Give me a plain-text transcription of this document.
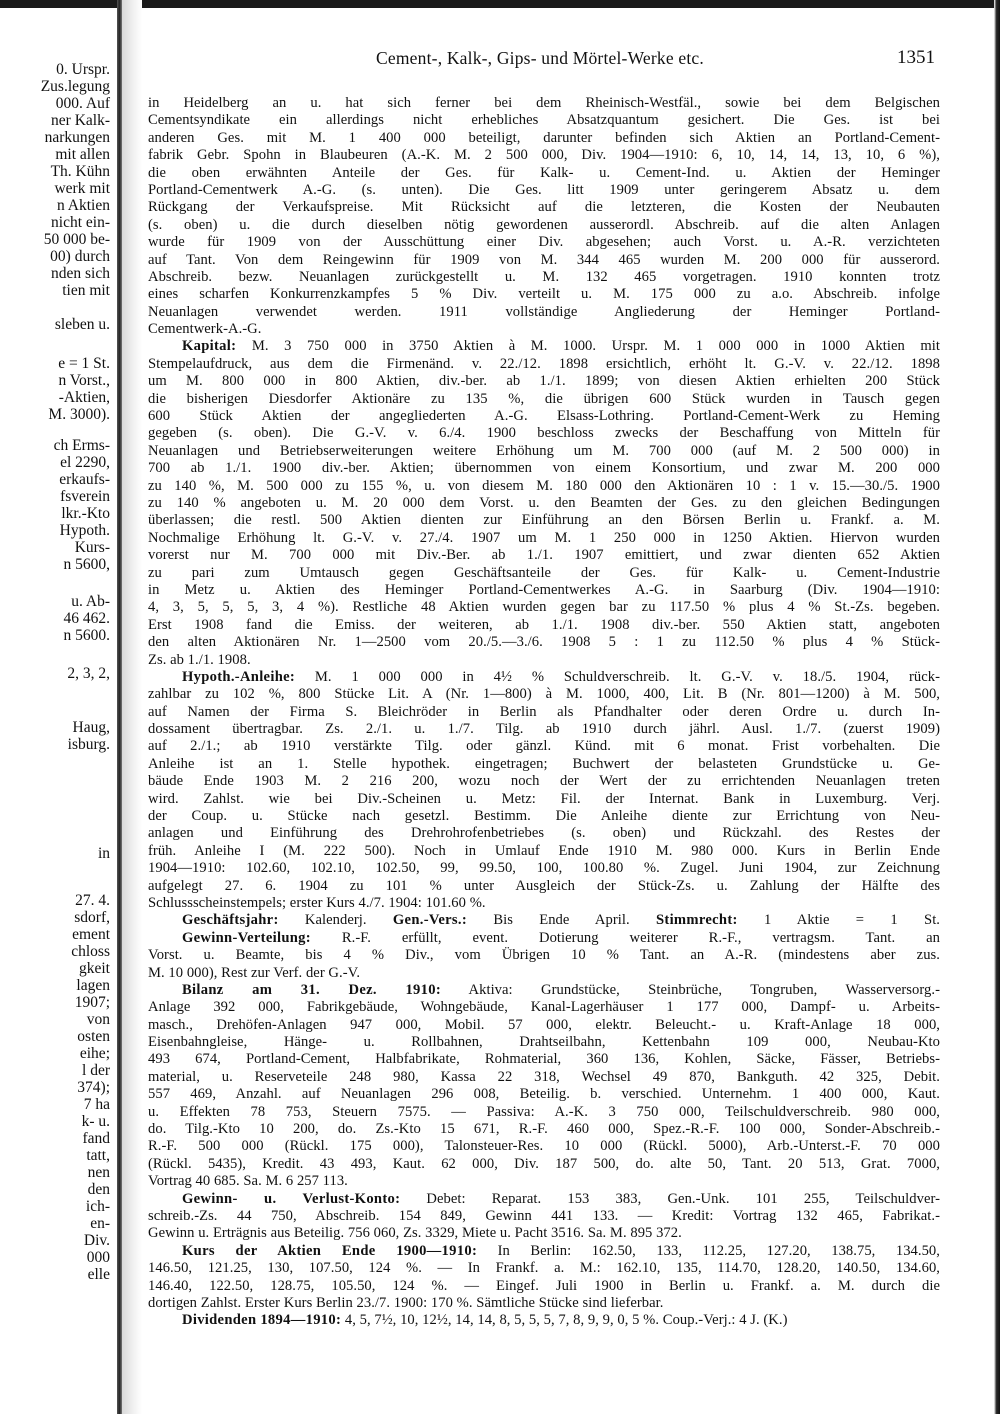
0. Urspr.
Zus.legung
000. Auf
ner Kalk-
narkungen
mit allen
Th. Kühn
werk mit
n Aktien
nicht ein-
50 000 be-
00) durch
nden sich
tien mit
sleben u.
e = 1 St.
n Vorst.,
-Aktien,
M. 3000).
ch Erms-
el 2290,
erkaufs-
fsverein
lkr.-Kto
Hypoth.
Kurs-
n 5600,
u. Ab-
46 462.
n 5600.
2, 3, 2,
Haug,
isburg.
in
27. 4.
sdorf,
ement
chloss
gkeit
lagen
1907;
von
osten
eihe;
l der
374);
7 ha
k- u.
fand
tatt,
nen
den
ich-
en-
Div.
000
elle
Cement-, Kalk-, Gips- und Mörtel-Werke etc.	1351
in Heidelberg an u. hat sich ferner bei dem Rheinisch-Westfäl., sowie bei dem Belgischen
Cementsyndikate ein allerdings nicht erhebliches Absatzquantum gesichert. Die Ges. ist bei
anderen Ges. mit M. 1 400 000 beteiligt, darunter befinden sich Aktien an Portland-Cement-
fabrik Gebr. Spohn in Blaubeuren (A.-K. M. 2 500 000, Div. 1904—1910: 6, 10, 14, 14, 13, 10, 6 %),
die oben erwähnten Anteile der Ges. für Kalk- u. Cement-Ind. u. Aktien der Heminger
Portland-Cementwerk A.-G. (s. unten). Die Ges. litt 1909 unter geringerem Absatz u. dem
Rückgang der Verkaufspreise. Mit Rücksicht auf die letzteren, die Kosten der Neubauten
(s. oben) u. die durch dieselben nötig gewordenen ausserordl. Abschreib. auf die alten Anlagen
wurde für 1909 von der Ausschüttung einer Div. abgesehen; auch Vorst. u. A.-R. verzichteten
auf Tant. Von dem Reingewinn für 1909 von M. 344 465 wurden M. 200 000 für ausserord.
Abschreib. bezw. Neuanlagen zurückgestellt u. M. 132 465 vorgetragen. 1910 konnten trotz
eines scharfen Konkurrenzkampfes 5 % Div. verteilt u. M. 175 000 zu a.o. Abschreib. infolge
Neuanlagen verwendet werden. 1911 vollständige Angliederung der Heminger Portland-
Cementwerk-A.-G.
Kapital: M. 3 750 000 in 3750 Aktien à M. 1000. Urspr. M. 1 000 000 in 1000 Aktien mit
Stempelaufdruck, aus dem die Firmenänd. v. 22./12. 1898 ersichtlich, erhöht lt. G.-V. v. 22./12. 1898
um M. 800 000 in 800 Aktien, div.-ber. ab 1./1. 1899; von diesen Aktien erhielten 200 Stück
die bisherigen Diesdorfer Aktionäre zu 135 %, die übrigen 600 Stück wurden in Tausch gegen
600 Stück Aktien der angegliederten A.-G. Elsass-Lothring. Portland-Cement-Werk zu Heming
gegeben (s. oben). Die G.-V. v. 6./4. 1900 beschloss zwecks der Beschaffung von Mitteln für
Neuanlagen und Betriebserweiterungen weitere Erhöhung um M. 700 000 (auf M. 2 500 000) in
700 ab 1./1. 1900 div.-ber. Aktien; übernommen von einem Konsortium, und zwar M. 200 000
zu 140 %, M. 500 000 zu 155 %, u. von diesem M. 180 000 den Aktionären 10 : 1 v. 15.—30./5. 1900
zu 140 % angeboten u. M. 20 000 dem Vorst. u. den Beamten der Ges. zu den gleichen Bedingungen
überlassen; die restl. 500 Aktien dienten zur Einführung an den Börsen Berlin u. Frankf. a. M.
Nochmalige Erhöhung lt. G.-V. v. 27./4. 1907 um M. 1 250 000 in 1250 Aktien. Hiervon wurden
vorerst nur M. 700 000 mit Div.-Ber. ab 1./1. 1907 emittiert, und zwar dienten 652 Aktien
zu pari zum Umtausch gegen Geschäftsanteile der Ges. für Kalk- u. Cement-Industrie
in Metz u. Aktien des Heminger Portland-Cementwerkes A.-G. in Saarburg (Div. 1904—1910:
4, 3, 5, 5, 5, 3, 4 %). Restliche 48 Aktien wurden gegen bar zu 117.50 % plus 4 % St.-Zs. begeben.
Erst 1908 fand die Emiss. der weiteren, ab 1./1. 1908 div.-ber. 550 Aktien statt, angeboten
den alten Aktionären Nr. 1—2500 vom 20./5.—3./6. 1908 5 : 1 zu 112.50 % plus 4 % Stück-
Zs. ab 1./1. 1908.
Hypoth.-Anleihe: M. 1 000 000 in 4½ % Schuldverschreib. lt. G.-V. v. 18./5. 1904, rück-
zahlbar zu 102 %, 800 Stücke Lit. A (Nr. 1—800) à M. 1000, 400, Lit. B (Nr. 801—1200) à M. 500,
auf Namen der Firma S. Bleichröder in Berlin als Pfandhalter oder deren Ordre u. durch In-
dossament übertragbar. Zs. 2./1. u. 1./7. Tilg. ab 1910 durch jährl. Ausl. 1./7. (zuerst 1909)
auf 2./1.; ab 1910 verstärkte Tilg. oder gänzl. Künd. mit 6 monat. Frist vorbehalten. Die
Anleihe ist an 1. Stelle hypothek. eingetragen; Buchwert der belasteten Grundstücke u. Ge-
bäude Ende 1903 M. 2 216 200, wozu noch der Wert der zu errichtenden Neuanlagen treten
wird. Zahlst. wie bei Div.-Scheinen u. Metz: Fil. der Internat. Bank in Luxemburg. Verj.
der Coup. u. Stücke nach gesetzl. Bestimm. Die Anleihe diente zur Errichtung von Neu-
anlagen und Einführung des Drehrohrofenbetriebes (s. oben) und Rückzahl. des Restes der
früh. Anleihe I (M. 222 500). Noch in Umlauf Ende 1910 M. 980 000. Kurs in Berlin Ende
1904—1910: 102.60, 102.10, 102.50, 99, 99.50, 100, 100.80 %. Zugel. Juni 1904, zur Zeichnung
aufgelegt 27. 6. 1904 zu 101 % unter Ausgleich der Stück-Zs. u. Zahlung der Hälfte des
Schlussscheinstempels; erster Kurs 4./7. 1904: 101.60 %.
Geschäftsjahr: Kalenderj. Gen.-Vers.: Bis Ende April. Stimmrecht: 1 Aktie = 1 St.
Gewinn-Verteilung: R.-F. erfüllt, event. Dotierung weiterer R.-F., vertragsm. Tant. an
Vorst. u. Beamte, bis 4 % Div., vom Übrigen 10 % Tant. an A.-R. (mindestens aber zus.
M. 10 000), Rest zur Verf. der G.-V.
Bilanz am 31. Dez. 1910: Aktiva: Grundstücke, Steinbrüche, Tongruben, Wasserversorg.-
Anlage 392 000, Fabrikgebäude, Wohngebäude, Kanal-Lagerhäuser 1 177 000, Dampf- u. Arbeits-
masch., Drehöfen-Anlagen 947 000, Mobil. 57 000, elektr. Beleucht.- u. Kraft-Anlage 18 000,
Eisenbahngleise, Hänge- u. Rollbahnen, Drahtseilbahn, Kettenbahn 109 000, Neubau-Kto
493 674, Portland-Cement, Halbfabrikate, Rohmaterial, 360 136, Kohlen, Säcke, Fässer, Betriebs-
material, u. Reserveteile 248 980, Kassa 22 318, Wechsel 49 870, Bankguth. 42 325, Debit.
557 469, Anzahl. auf Neuanlagen 296 008, Beteilig. b. verschied. Unternehm. 1 400 000, Kaut.
u. Effekten 78 753, Steuern 7575. — Passiva: A.-K. 3 750 000, Teilschuldverschreib. 980 000,
do. Tilg.-Kto 10 200, do. Zs.-Kto 15 671, R.-F. 460 000, Spez.-R.-F. 100 000, Sonder-Abschreib.-
R.-F. 500 000 (Rückl. 175 000), Talonsteuer-Res. 10 000 (Rückl. 5000), Arb.-Unterst.-F. 70 000
(Rückl. 5435), Kredit. 43 493, Kaut. 62 000, Div. 187 500, do. alte 50, Tant. 20 513, Grat. 7000,
Vortrag 40 685. Sa. M. 6 257 113.
Gewinn- u. Verlust-Konto: Debet: Reparat. 153 383, Gen.-Unk. 101 255, Teilschuldver-
schreib.-Zs. 44 750, Abschreib. 154 849, Gewinn 441 133. — Kredit: Vortrag 132 465, Fabrikat.-
Gewinn u. Erträgnis aus Beteilig. 756 060, Zs. 3329, Miete u. Pacht 3516. Sa. M. 895 372.
Kurs der Aktien Ende 1900—1910: In Berlin: 162.50, 133, 112.25, 127.20, 138.75, 134.50,
146.50, 121.25, 130, 107.50, 124 %. — In Frankf. a. M.: 162.10, 135, 114.70, 128.20, 140.50, 134.60,
146.40, 122.50, 128.75, 105.50, 124 %. — Eingef. Juli 1900 in Berlin u. Frankf. a. M. durch die
dortigen Zahlst. Erster Kurs Berlin 23./7. 1900: 170 %. Sämtliche Stücke sind lieferbar.
Dividenden 1894—1910: 4, 5, 7½, 10, 12½, 14, 14, 8, 5, 5, 5, 7, 8, 9, 9, 0, 5 %. Coup.-Verj.: 4 J. (K.)
